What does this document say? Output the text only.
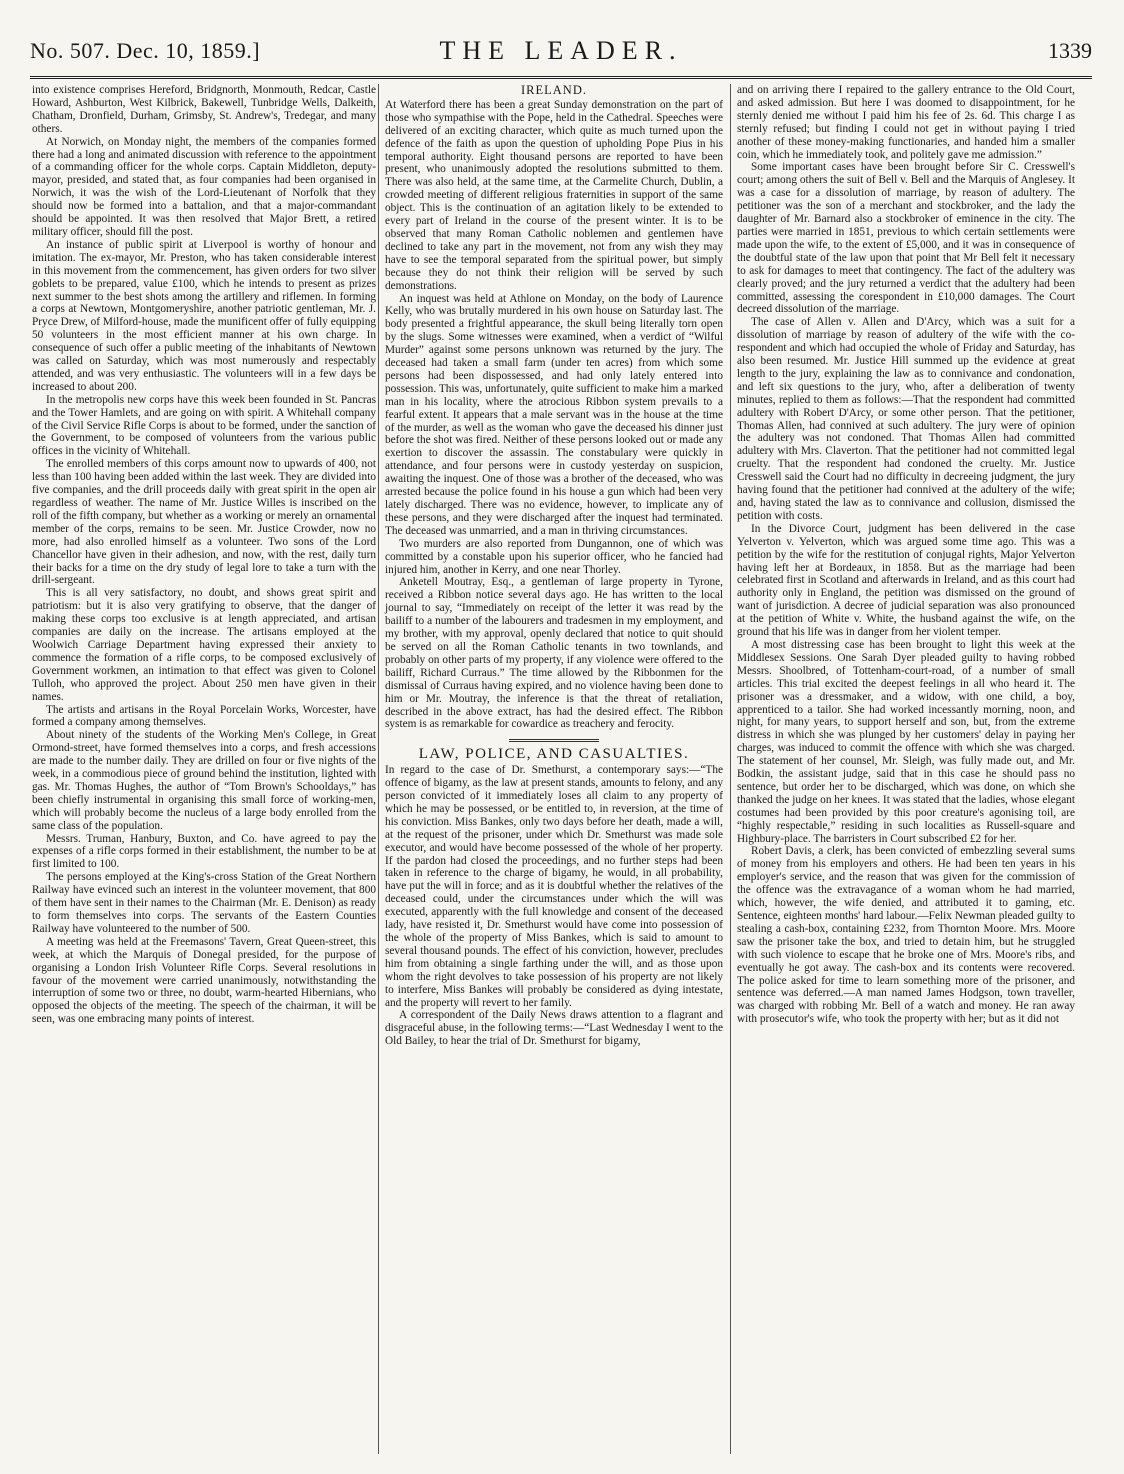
No. 507. Dec. 10, 1859.]	THE LEADER.	1339

into existence comprises Hereford, Bridgnorth, Monmouth, Redcar, Castle Howard, Ashburton, West Kilbrick, Bakewell, Tunbridge Wells, Dalkeith, Chatham, Dronfield, Durham, Grimsby, St. Andrew's, Tredegar, and many others.

At Norwich, on Monday night, the members of the companies formed there had a long and animated discussion with reference to the appointment of a commanding officer for the whole corps. Captain Middleton, deputy-mayor, presided, and stated that, as four companies had been organised in Norwich, it was the wish of the Lord-Lieutenant of Norfolk that they should now be formed into a battalion, and that a major-commandant should be appointed. It was then resolved that Major Brett, a retired military officer, should fill the post.

An instance of public spirit at Liverpool is worthy of honour and imitation. The ex-mayor, Mr. Preston, who has taken considerable interest in this movement from the commencement, has given orders for two silver goblets to be prepared, value £100, which he intends to present as prizes next summer to the best shots among the artillery and riflemen. In forming a corps at Newtown, Montgomeryshire, another patriotic gentleman, Mr. J. Pryce Drew, of Milford-house, made the munificent offer of fully equipping 50 volunteers in the most efficient manner at his own charge. In consequence of such offer a public meeting of the inhabitants of Newtown was called on Saturday, which was most numerously and respectably attended, and was very enthusiastic. The volunteers will in a few days be increased to about 200.

In the metropolis new corps have this week been founded in St. Pancras and the Tower Hamlets, and are going on with spirit. A Whitehall company of the Civil Service Rifle Corps is about to be formed, under the sanction of the Government, to be composed of volunteers from the various public offices in the vicinity of Whitehall.

The enrolled members of this corps amount now to upwards of 400, not less than 100 having been added within the last week. They are divided into five companies, and the drill proceeds daily with great spirit in the open air regardless of weather. The name of Mr. Justice Willes is inscribed on the roll of the fifth company, but whether as a working or merely an ornamental member of the corps, remains to be seen. Mr. Justice Crowder, now no more, had also enrolled himself as a volunteer. Two sons of the Lord Chancellor have given in their adhesion, and now, with the rest, daily turn their backs for a time on the dry study of legal lore to take a turn with the drill-sergeant.

This is all very satisfactory, no doubt, and shows great spirit and patriotism: but it is also very gratifying to observe, that the danger of making these corps too exclusive is at length appreciated, and artisan companies are daily on the increase. The artisans employed at the Woolwich Carriage Department having expressed their anxiety to commence the formation of a rifle corps, to be composed exclusively of Government workmen, an intimation to that effect was given to Colonel Tulloh, who approved the project. About 250 men have given in their names.

The artists and artisans in the Royal Porcelain Works, Worcester, have formed a company among themselves.

About ninety of the students of the Working Men's College, in Great Ormond-street, have formed themselves into a corps, and fresh accessions are made to the number daily. They are drilled on four or five nights of the week, in a commodious piece of ground behind the institution, lighted with gas. Mr. Thomas Hughes, the author of “Tom Brown's Schooldays,” has been chiefly instrumental in organising this small force of working-men, which will probably become the nucleus of a large body enrolled from the same class of the population.

Messrs. Truman, Hanbury, Buxton, and Co. have agreed to pay the expenses of a rifle corps formed in their establishment, the number to be at first limited to 100.

The persons employed at the King's-cross Station of the Great Northern Railway have evinced such an interest in the volunteer movement, that 800 of them have sent in their names to the Chairman (Mr. E. Denison) as ready to form themselves into corps. The servants of the Eastern Counties Railway have volunteered to the number of 500.

A meeting was held at the Freemasons' Tavern, Great Queen-street, this week, at which the Marquis of Donegal presided, for the purpose of organising a London Irish Volunteer Rifle Corps. Several resolutions in favour of the movement were carried unanimously, notwithstanding the interruption of some two or three, no doubt, warm-hearted Hibernians, who opposed the objects of the meeting. The speech of the chairman, it will be seen, was one embracing many points of interest.

IRELAND.

At Waterford there has been a great Sunday demonstration on the part of those who sympathise with the Pope, held in the Cathedral. Speeches were delivered of an exciting character, which quite as much turned upon the defence of the faith as upon the question of upholding Pope Pius in his temporal authority. Eight thousand persons are reported to have been present, who unanimously adopted the resolutions submitted to them. There was also held, at the same time, at the Carmelite Church, Dublin, a crowded meeting of different religious fraternities in support of the same object. This is the continuation of an agitation likely to be extended to every part of Ireland in the course of the present winter. It is to be observed that many Roman Catholic noblemen and gentlemen have declined to take any part in the movement, not from any wish they may have to see the temporal separated from the spiritual power, but simply because they do not think their religion will be served by such demonstrations.

An inquest was held at Athlone on Monday, on the body of Laurence Kelly, who was brutally murdered in his own house on Saturday last. The body presented a frightful appearance, the skull being literally torn open by the slugs. Some witnesses were examined, when a verdict of “Wilful Murder” against some persons unknown was returned by the jury. The deceased had taken a small farm (under ten acres) from which some persons had been dispossessed, and had only lately entered into possession. This was, unfortunately, quite sufficient to make him a marked man in his locality, where the atrocious Ribbon system prevails to a fearful extent. It appears that a male servant was in the house at the time of the murder, as well as the woman who gave the deceased his dinner just before the shot was fired. Neither of these persons looked out or made any exertion to discover the assassin. The constabulary were quickly in attendance, and four persons were in custody yesterday on suspicion, awaiting the inquest. One of those was a brother of the deceased, who was arrested because the police found in his house a gun which had been very lately discharged. There was no evidence, however, to implicate any of these persons, and they were discharged after the inquest had terminated. The deceased was unmarried, and a man in thriving circumstances.

Two murders are also reported from Dungannon, one of which was committed by a constable upon his superior officer, who he fancied had injured him, another in Kerry, and one near Thorley.

Anketell Moutray, Esq., a gentleman of large property in Tyrone, received a Ribbon notice several days ago. He has written to the local journal to say, “Immediately on receipt of the letter it was read by the bailiff to a number of the labourers and tradesmen in my employment, and my brother, with my approval, openly declared that notice to quit should be served on all the Roman Catholic tenants in two townlands, and probably on other parts of my property, if any violence were offered to the bailiff, Richard Curraus.” The time allowed by the Ribbonmen for the dismissal of Curraus having expired, and no violence having been done to him or Mr. Moutray, the inference is that the threat of retaliation, described in the above extract, has had the desired effect. The Ribbon system is as remarkable for cowardice as treachery and ferocity.

LAW, POLICE, AND CASUALTIES.

In regard to the case of Dr. Smethurst, a contemporary says:—“The offence of bigamy, as the law at present stands, amounts to felony, and any person convicted of it immediately loses all claim to any property of which he may be possessed, or be entitled to, in reversion, at the time of his conviction. Miss Bankes, only two days before her death, made a will, at the request of the prisoner, under which Dr. Smethurst was made sole executor, and would have become possessed of the whole of her property. If the pardon had closed the proceedings, and no further steps had been taken in reference to the charge of bigamy, he would, in all probability, have put the will in force; and as it is doubtful whether the relatives of the deceased could, under the circumstances under which the will was executed, apparently with the full knowledge and consent of the deceased lady, have resisted it, Dr. Smethurst would have come into possession of the whole of the property of Miss Bankes, which is said to amount to several thousand pounds. The effect of his conviction, however, precludes him from obtaining a single farthing under the will, and as those upon whom the right devolves to take possession of his property are not likely to interfere, Miss Bankes will probably be considered as dying intestate, and the property will revert to her family.

A correspondent of the Daily News draws attention to a flagrant and disgraceful abuse, in the following terms:—“Last Wednesday I went to the Old Bailey, to hear the trial of Dr. Smethurst for bigamy,

and on arriving there I repaired to the gallery entrance to the Old Court, and asked admission. But here I was doomed to disappointment, for he sternly denied me without I paid him his fee of 2s. 6d. This charge I as sternly refused; but finding I could not get in without paying I tried another of these money-making functionaries, and handed him a smaller coin, which he immediately took, and politely gave me admission.”

Some important cases have been brought before Sir C. Cresswell's court; among others the suit of Bell v. Bell and the Marquis of Anglesey. It was a case for a dissolution of marriage, by reason of adultery. The petitioner was the son of a merchant and stockbroker, and the lady the daughter of Mr. Barnard also a stockbroker of eminence in the city. The parties were married in 1851, previous to which certain settlements were made upon the wife, to the extent of £5,000, and it was in consequence of the doubtful state of the law upon that point that Mr Bell felt it necessary to ask for damages to meet that contingency. The fact of the adultery was clearly proved; and the jury returned a verdict that the adultery had been committed, assessing the corespondent in £10,000 damages. The Court decreed dissolution of the marriage.

The case of Allen v. Allen and D'Arcy, which was a suit for a dissolution of marriage by reason of adultery of the wife with the co-respondent and which had occupied the whole of Friday and Saturday, has also been resumed. Mr. Justice Hill summed up the evidence at great length to the jury, explaining the law as to connivance and condonation, and left six questions to the jury, who, after a deliberation of twenty minutes, replied to them as follows:—That the respondent had committed adultery with Robert D'Arcy, or some other person. That the petitioner, Thomas Allen, had connived at such adultery. The jury were of opinion the adultery was not condoned. That Thomas Allen had committed adultery with Mrs. Claverton. That the petitioner had not committed legal cruelty. That the respondent had condoned the cruelty. Mr. Justice Cresswell said the Court had no difficulty in decreeing judgment, the jury having found that the petitioner had connived at the adultery of the wife; and, having stated the law as to connivance and collusion, dismissed the petition with costs.

In the Divorce Court, judgment has been delivered in the case Yelverton v. Yelverton, which was argued some time ago. This was a petition by the wife for the restitution of conjugal rights, Major Yelverton having left her at Bordeaux, in 1858. But as the marriage had been celebrated first in Scotland and afterwards in Ireland, and as this court had authority only in England, the petition was dismissed on the ground of want of jurisdiction. A decree of judicial separation was also pronounced at the petition of White v. White, the husband against the wife, on the ground that his life was in danger from her violent temper.

A most distressing case has been brought to light this week at the Middlesex Sessions. One Sarah Dyer pleaded guilty to having robbed Messrs. Shoolbred, of Tottenham-court-road, of a number of small articles. This trial excited the deepest feelings in all who heard it. The prisoner was a dressmaker, and a widow, with one child, a boy, apprenticed to a tailor. She had worked incessantly morning, noon, and night, for many years, to support herself and son, but, from the extreme distress in which she was plunged by her customers' delay in paying her charges, was induced to commit the offence with which she was charged. The statement of her counsel, Mr. Sleigh, was fully made out, and Mr. Bodkin, the assistant judge, said that in this case he should pass no sentence, but order her to be discharged, which was done, on which she thanked the judge on her knees. It was stated that the ladies, whose elegant costumes had been provided by this poor creature's agonising toil, are “highly respectable,” residing in such localities as Russell-square and Highbury-place. The barristers in Court subscribed £2 for her.

Robert Davis, a clerk, has been convicted of embezzling several sums of money from his employers and others. He had been ten years in his employer's service, and the reason that was given for the commission of the offence was the extravagance of a woman whom he had married, which, however, the wife denied, and attributed it to gaming, etc. Sentence, eighteen months' hard labour.—Felix Newman pleaded guilty to stealing a cash-box, containing £232, from Thornton Moore. Mrs. Moore saw the prisoner take the box, and tried to detain him, but he struggled with such violence to escape that he broke one of Mrs. Moore's ribs, and eventually he got away. The cash-box and its contents were recovered. The police asked for time to learn something more of the prisoner, and sentence was deferred.—A man named James Hodgson, town traveller, was charged with robbing Mr. Bell of a watch and money. He ran away with prosecutor's wife, who took the property with her; but as it did not
